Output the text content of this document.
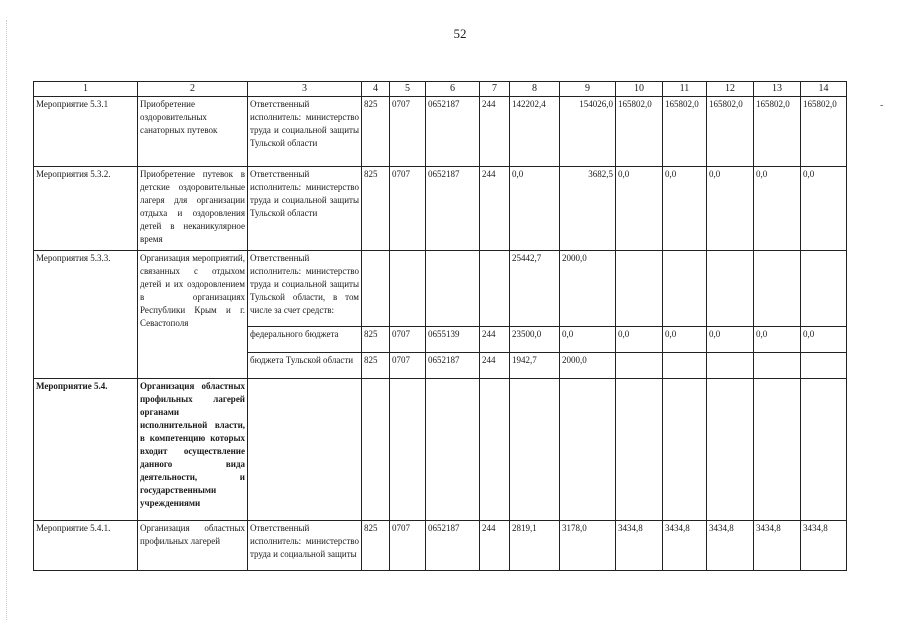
52
-
1	2	3	4	5	6	7	8	9	10	11	12	13	14
Мероприятие 5.3.1	Приобретение оздоровительных санаторных путевок	Ответственный исполнитель: министерство труда и социальной защиты Тульской области	825	0707	0652187	244	142202,4	154026,0	165802,0	165802,0	165802,0	165802,0	165802,0
Мероприятия 5.3.2.	Приобретение путевок в детские оздоровительные лагеря для организации отдыха и оздоровления детей в неканикулярное время	Ответственный исполнитель: министерство труда и социальной защиты Тульской области	825	0707	0652187	244	0,0	3682,5	0,0	0,0	0,0	0,0	0,0
Мероприятия 5.3.3.	Организация мероприятий, связанных с отдыхом детей и их оздоровлением в организациях Республики Крым и г. Севастополя	Ответственный исполнитель: министерство труда и социальной защиты Тульской области, в том числе за счет средств:					25442,7	2000,0					
		федерального бюджета	825	0707	0655139	244	23500,0	0,0	0,0	0,0	0,0	0,0	0,0
		бюджета Тульской области	825	0707	0652187	244	1942,7	2000,0					
Мероприятие 5.4.	Организация областных профильных лагерей органами исполнительной власти, в компетенцию которых входит осуществление данного вида деятельности, и государственными учреждениями												
Мероприятие 5.4.1.	Организация областных профильных лагерей	Ответственный исполнитель: министерство труда и социальной защиты	825	0707	0652187	244	2819,1	3178,0	3434,8	3434,8	3434,8	3434,8	3434,8
